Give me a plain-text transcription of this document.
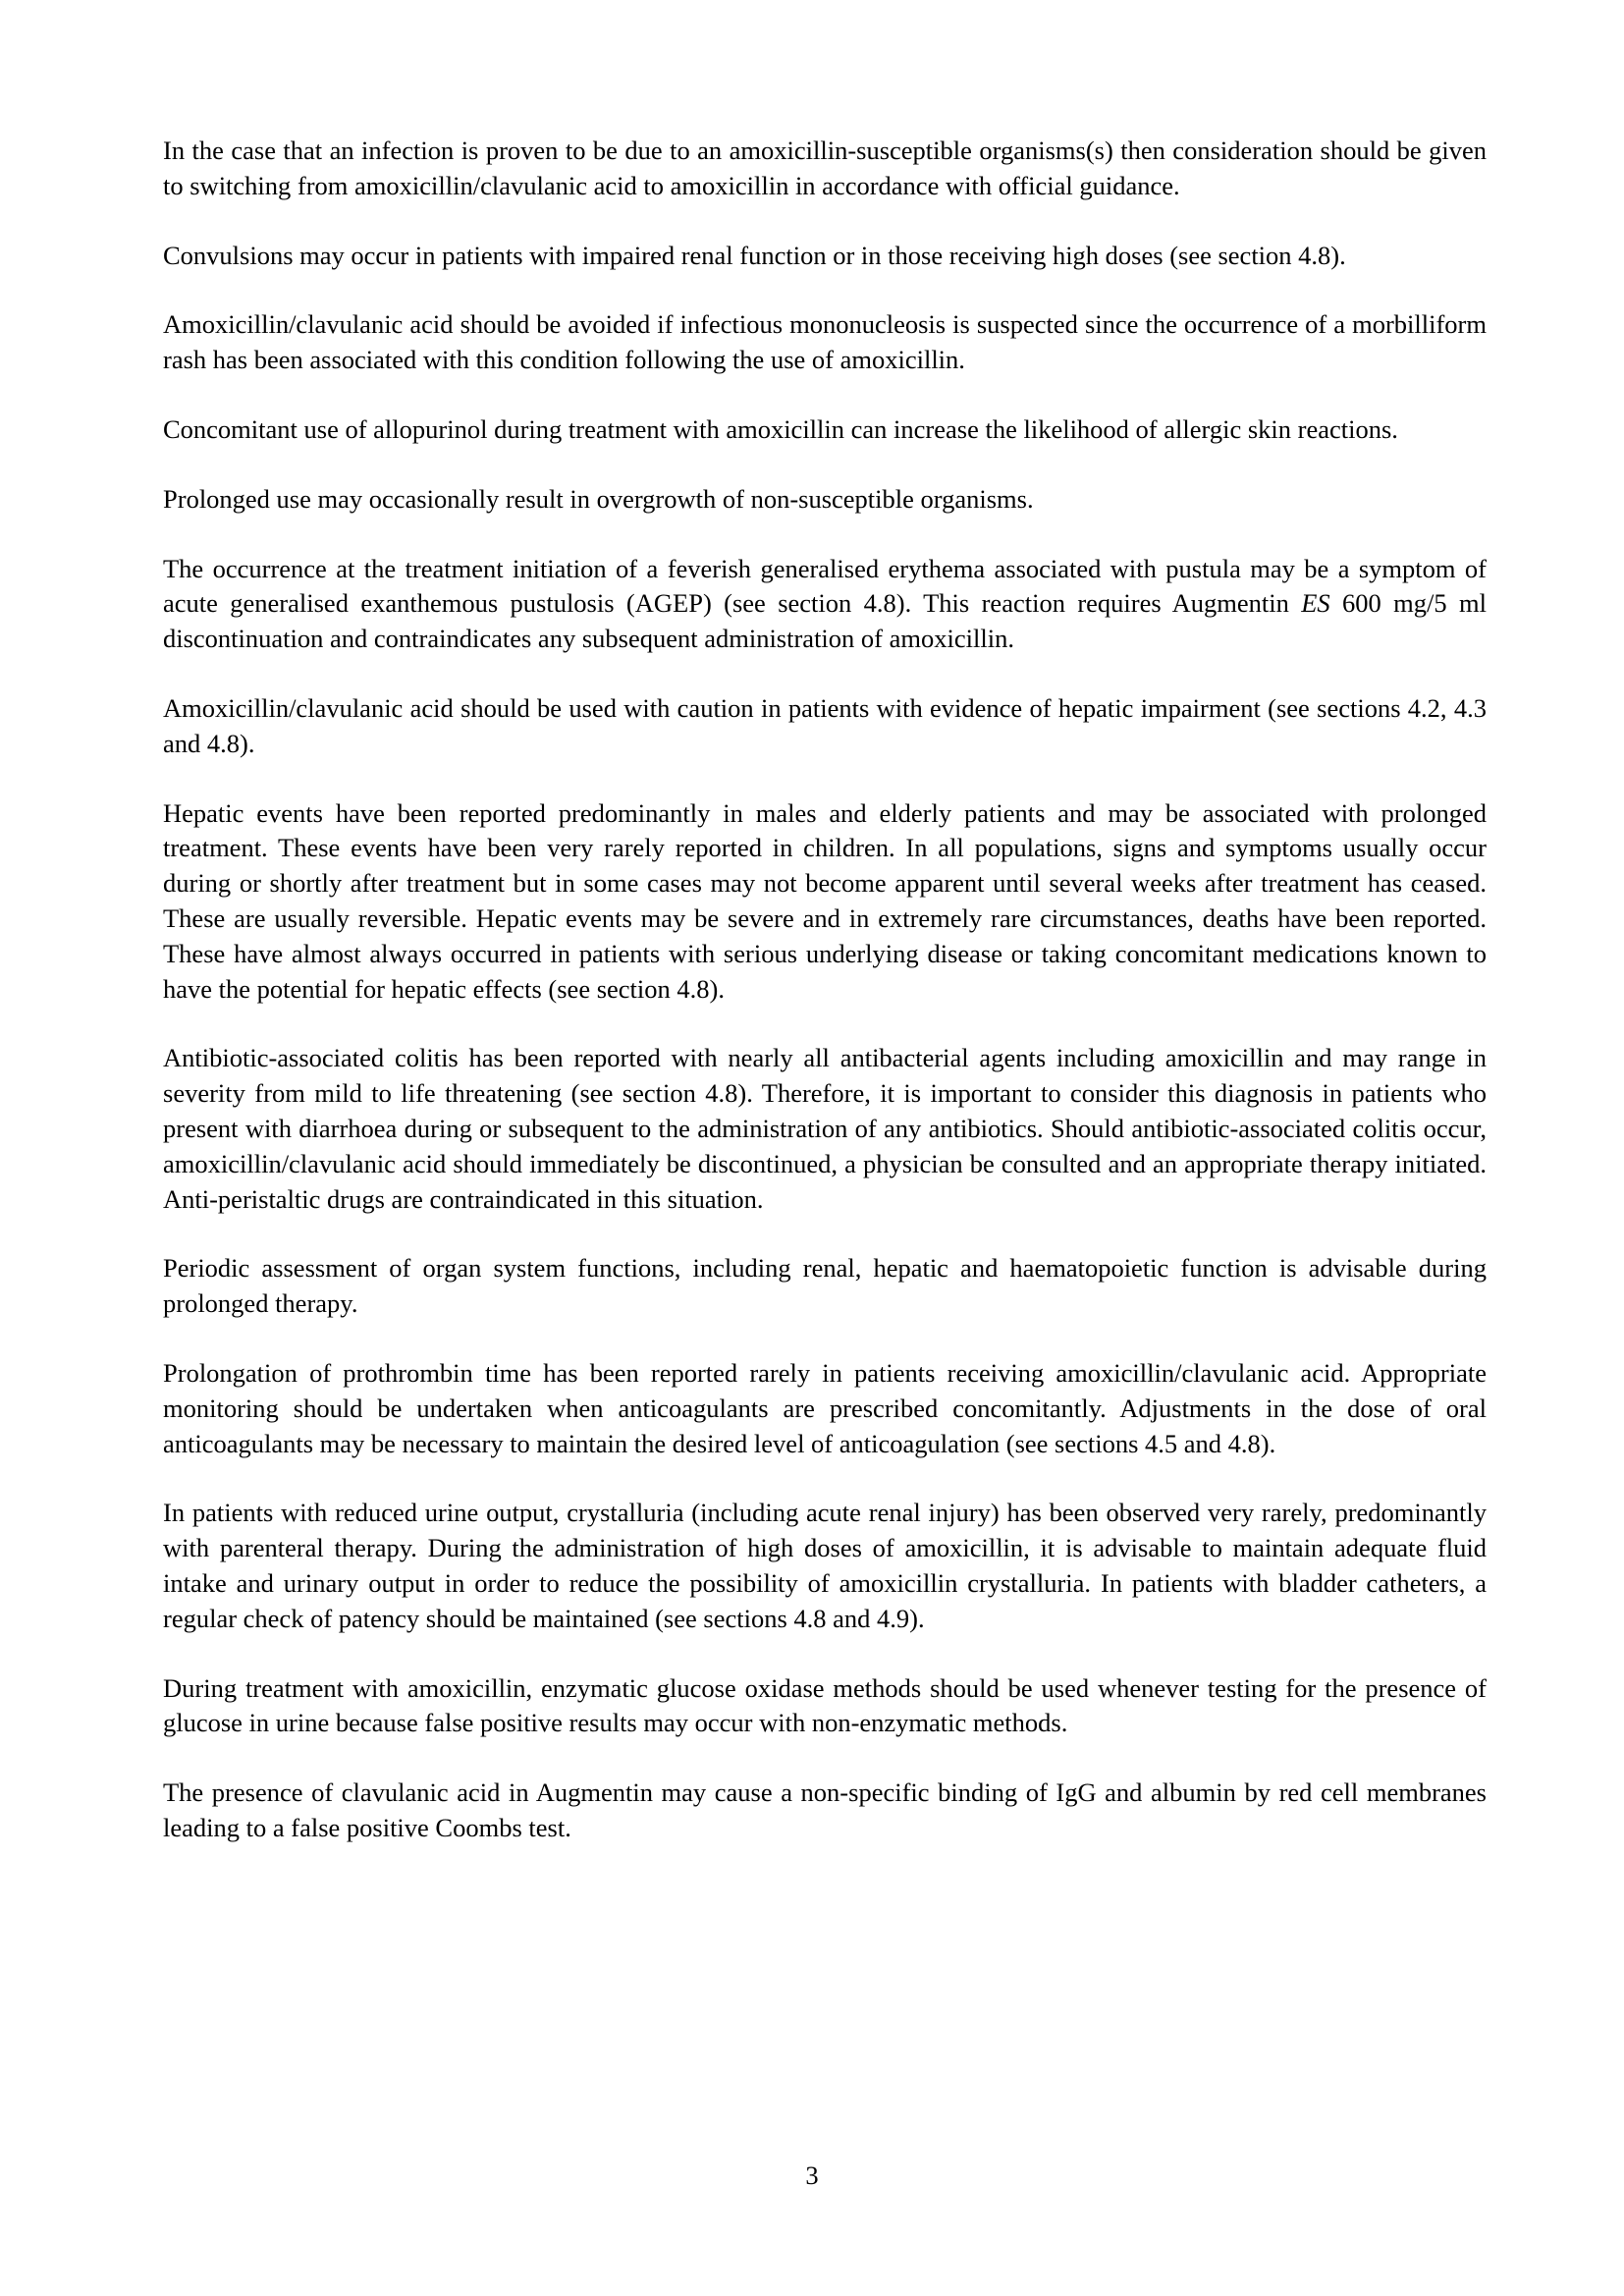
In the case that an infection is proven to be due to an amoxicillin-susceptible organisms(s) then consideration should be given to switching from amoxicillin/clavulanic acid to amoxicillin in accordance with official guidance.

Convulsions may occur in patients with impaired renal function or in those receiving high doses (see section 4.8).

Amoxicillin/clavulanic acid should be avoided if infectious mononucleosis is suspected since the occurrence of a morbilliform rash has been associated with this condition following the use of amoxicillin.

Concomitant use of allopurinol during treatment with amoxicillin can increase the likelihood of allergic skin reactions.

Prolonged use may occasionally result in overgrowth of non-susceptible organisms.

The occurrence at the treatment initiation of a feverish generalised erythema associated with pustula may be a symptom of acute generalised exanthemous pustulosis (AGEP) (see section 4.8). This reaction requires Augmentin ES 600 mg/5 ml discontinuation and contraindicates any subsequent administration of amoxicillin.

Amoxicillin/clavulanic acid should be used with caution in patients with evidence of hepatic impairment (see sections 4.2, 4.3 and 4.8).

Hepatic events have been reported predominantly in males and elderly patients and may be associated with prolonged treatment. These events have been very rarely reported in children. In all populations, signs and symptoms usually occur during or shortly after treatment but in some cases may not become apparent until several weeks after treatment has ceased. These are usually reversible. Hepatic events may be severe and in extremely rare circumstances, deaths have been reported. These have almost always occurred in patients with serious underlying disease or taking concomitant medications known to have the potential for hepatic effects (see section 4.8).

Antibiotic-associated colitis has been reported with nearly all antibacterial agents including amoxicillin and may range in severity from mild to life threatening (see section 4.8). Therefore, it is important to consider this diagnosis in patients who present with diarrhoea during or subsequent to the administration of any antibiotics. Should antibiotic-associated colitis occur, amoxicillin/clavulanic acid should immediately be discontinued, a physician be consulted and an appropriate therapy initiated. Anti-peristaltic drugs are contraindicated in this situation.

Periodic assessment of organ system functions, including renal, hepatic and haematopoietic function is advisable during prolonged therapy.

Prolongation of prothrombin time has been reported rarely in patients receiving amoxicillin/clavulanic acid. Appropriate monitoring should be undertaken when anticoagulants are prescribed concomitantly. Adjustments in the dose of oral anticoagulants may be necessary to maintain the desired level of anticoagulation (see sections 4.5 and 4.8).

In patients with reduced urine output, crystalluria (including acute renal injury) has been observed very rarely, predominantly with parenteral therapy. During the administration of high doses of amoxicillin, it is advisable to maintain adequate fluid intake and urinary output in order to reduce the possibility of amoxicillin crystalluria. In patients with bladder catheters, a regular check of patency should be maintained (see sections 4.8 and 4.9).

During treatment with amoxicillin, enzymatic glucose oxidase methods should be used whenever testing for the presence of glucose in urine because false positive results may occur with non-enzymatic methods.

The presence of clavulanic acid in Augmentin may cause a non-specific binding of IgG and albumin by red cell membranes leading to a false positive Coombs test.

3
